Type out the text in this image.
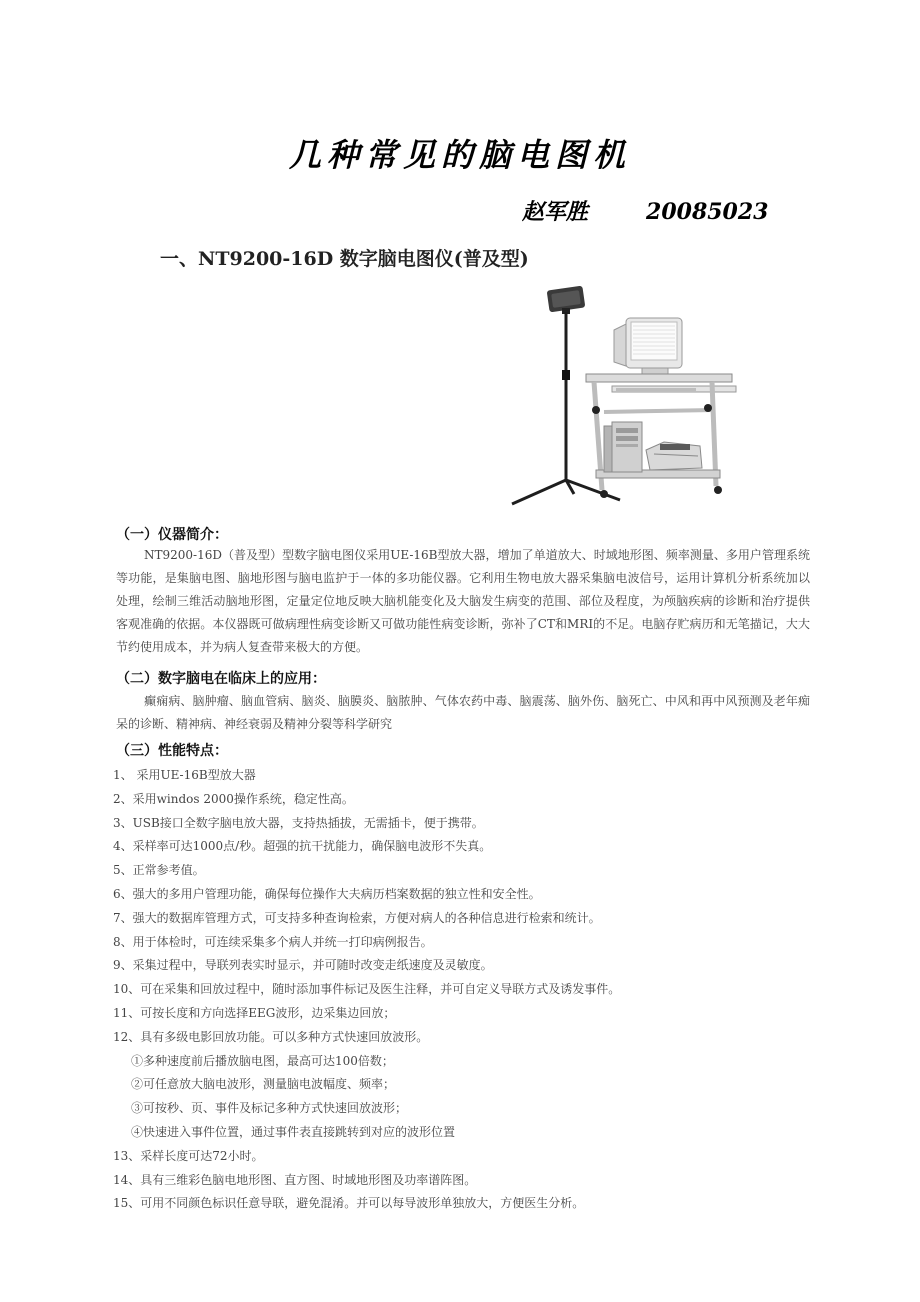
几种常见的脑电图机
赵军胜	20085023
一、NT9200-16D 数字脑电图仪(普及型)
（一）仪器简介：
NT9200-16D（普及型）型数字脑电图仪采用UE-16B型放大器，增加了单道放大、时域地形图、频率测量、多用户管理系统等功能，是集脑电图、脑地形图与脑电监护于一体的多功能仪器。它利用生物电放大器采集脑电波信号，运用计算机分析系统加以处理，绘制三维活动脑地形图，定量定位地反映大脑机能变化及大脑发生病变的范围、部位及程度，为颅脑疾病的诊断和治疗提供客观准确的依据。本仪器既可做病理性病变诊断又可做功能性病变诊断，弥补了CT和MRI的不足。电脑存贮病历和无笔描记，大大节约使用成本，并为病人复查带来极大的方便。
（二）数字脑电在临床上的应用：
癫痫病、脑肿瘤、脑血管病、脑炎、脑膜炎、脑脓肿、气体农药中毒、脑震荡、脑外伤、脑死亡、中风和再中风预测及老年痴呆的诊断、精神病、神经衰弱及精神分裂等科学研究
（三）性能特点：
1、 采用UE-16B型放大器
2、采用windos 2000操作系统，稳定性高。
3、USB接口全数字脑电放大器，支持热插拔，无需插卡，便于携带。
4、采样率可达1000点/秒。超强的抗干扰能力，确保脑电波形不失真。
5、正常参考值。
6、强大的多用户管理功能，确保每位操作大夫病历档案数据的独立性和安全性。
7、强大的数据库管理方式，可支持多种查询检索，方便对病人的各种信息进行检索和统计。
8、用于体检时，可连续采集多个病人并统一打印病例报告。
9、采集过程中，导联列表实时显示，并可随时改变走纸速度及灵敏度。
10、可在采集和回放过程中，随时添加事件标记及医生注释，并可自定义导联方式及诱发事件。
11、可按长度和方向选择EEG波形，边采集边回放；
12、具有多级电影回放功能。可以多种方式快速回放波形。
①多种速度前后播放脑电图，最高可达100倍数；
②可任意放大脑电波形，测量脑电波幅度、频率；
③可按秒、页、事件及标记多种方式快速回放波形；
④快速进入事件位置，通过事件表直接跳转到对应的波形位置
13、采样长度可达72小时。
14、具有三维彩色脑电地形图、直方图、时域地形图及功率谱阵图。
15、可用不同颜色标识任意导联，避免混淆。并可以每导波形单独放大，方便医生分析。
